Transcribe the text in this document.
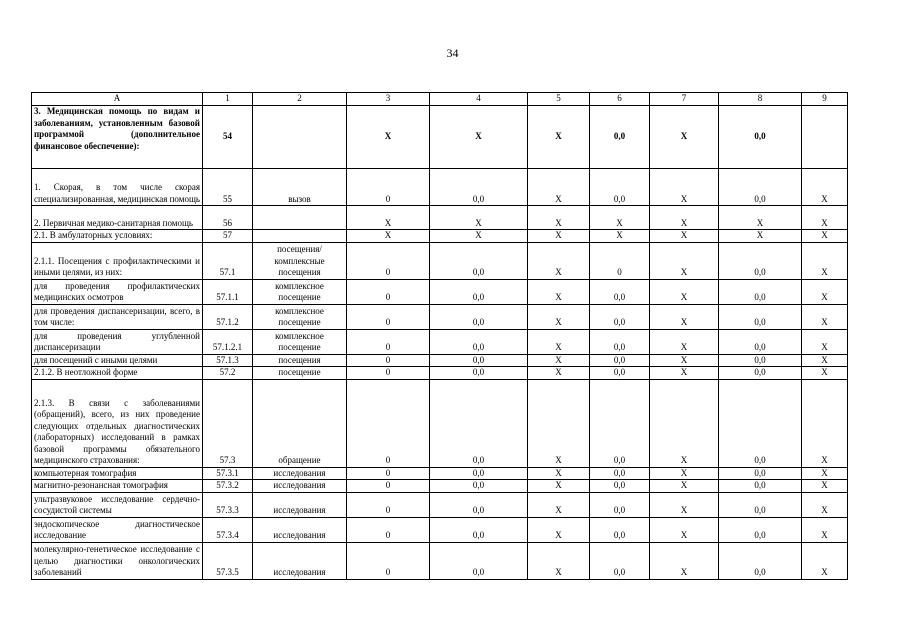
34
А	1	2	3	4	5	6	7	8	9
3. Медицинская помощь по видам и заболеваниям, установленным базовой программой (дополнительное финансовое обеспечение):	54		Х	Х	Х	0,0	Х	0,0	
1. Скорая, в том числе скорая специализированная, медицинская помощь	55	вызов	0	0,0	Х	0,0	Х	0,0	Х
2. Первичная медико-санитарная помощь	56		Х	Х	Х	Х	Х	Х	Х
2.1. В амбулаторных условиях:	57		Х	Х	Х	Х	Х	Х	Х
2.1.1. Посещения с профилактическими и иными целями, из них:	57.1	посещения/ комплексные посещения	0	0,0	Х	0	Х	0,0	Х
для проведения профилактических медицинских осмотров	57.1.1	комплексное посещение	0	0,0	Х	0,0	Х	0,0	Х
для проведения диспансеризации, всего, в том числе:	57.1.2	комплексное посещение	0	0,0	Х	0,0	Х	0,0	Х
для проведения углубленной диспансеризации	57.1.2.1	комплексное посещение	0	0,0	Х	0,0	Х	0,0	Х
для посещений с иными целями	57.1.3	посещения	0	0,0	Х	0,0	Х	0,0	Х
2.1.2. В неотложной форме	57.2	посещение	0	0,0	Х	0,0	Х	0,0	Х
2.1.3. В связи с заболеваниями (обращений), всего, из них проведение следующих отдельных диагностических (лабораторных) исследований в рамках базовой программы обязательного медицинского страхования:	57.3	обращение	0	0,0	Х	0,0	Х	0,0	Х
компьютерная томография	57.3.1	исследования	0	0,0	Х	0,0	Х	0,0	Х
магнитно-резонансная томография	57.3.2	исследования	0	0,0	Х	0,0	Х	0,0	Х
ультразвуковое исследование сердечно-сосудистой системы	57.3.3	исследования	0	0,0	Х	0,0	Х	0,0	Х
эндоскопическое диагностическое исследование	57.3.4	исследования	0	0,0	Х	0,0	Х	0,0	Х
молекулярно-генетическое исследование с целью диагностики онкологических заболеваний	57.3.5	исследования	0	0,0	Х	0,0	Х	0,0	Х
